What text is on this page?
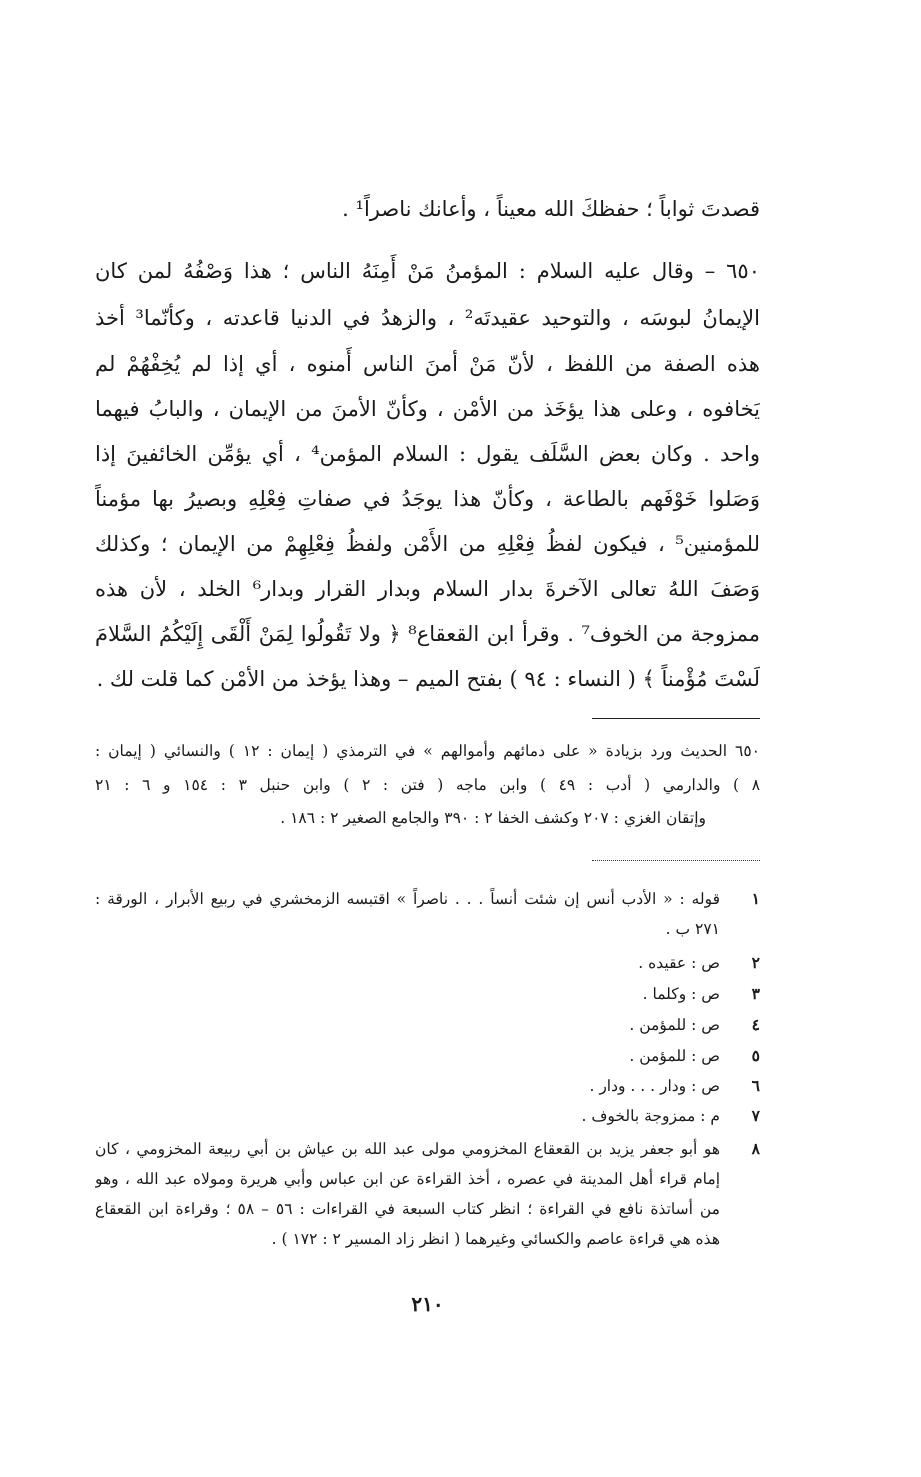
قصدتَ ثواباً ؛ حفظكَ الله معيناً ، وأعانك ناصراً¹ .
٦٥٠ – وقال عليه السلام : المؤمنُ مَنْ أَمِنَهُ الناس ؛ هذا وَصْفُهُ لمن كان
الإيمانُ لبوسَه ، والتوحيد عقيدتَه² ، والزهدُ في الدنيا قاعدته ، وكأنّما³ أخذ
هذه الصفة من اللفظ ، لأنّ مَنْ أمنَ الناس أَمنوه ، أي إذا لم يُخِفْهُمْ لم
يَخافوه ، وعلى هذا يؤخَذ من الأمْن ، وكأنّ الأمنَ من الإيمان ، والبابُ فيهما
واحد . وكان بعض السَّلَف يقول : السلام المؤمن⁴ ، أي يؤمِّن الخائفينَ إذا
وَصَلوا خَوْفَهم بالطاعة ، وكأنّ هذا يوجَدُ في صفاتِ فِعْلِهِ وبصيرُ بها مؤمناً
للمؤمنين⁵ ، فيكون لفظُ فِعْلِهِ من الأَمْن ولفظُ فِعْلِهِمْ من الإيمان ؛ وكذلك
وَصَفَ اللهُ تعالى الآخرةَ بدار السلام وبدار القرار وبدار⁶ الخلد ، لأن هذه
ممزوجة من الخوف⁷ . وقرأ ابن القعقاع⁸ ﴿ ولا تَقُولُوا لِمَنْ أَلْقَى إِلَيْكُمُ السَّلامَ
لَسْتَ مُؤْمناً ﴾ ( النساء : ٩٤ ) بفتح الميم – وهذا يؤخذ من الأمْن كما قلت لك .
٦٥٠ الحديث ورد بزيادة « على دمائهم وأموالهم » في الترمذي ( إيمان : ١٢ ) والنسائي ( إيمان :
٨ ) والدارمي ( أدب : ٤٩ ) وابن ماجه ( فتن : ٢ ) وابن حنبل ٣ : ١٥٤ و ٦ : ٢١
وإتقان الغزي : ٢٠٧ وكشف الخفا ٢ : ٣٩٠ والجامع الصغير ٢ : ١٨٦ .
١
قوله : « الأدب أنس إن شئت أنساً . . . ناصراً » اقتبسه الزمخشري في ربيع الأبرار ، الورقة :
٢٧١ ب .
٢
ص : عقيده .
٣
ص : وكلما .
٤
ص : للمؤمن .
٥
ص : للمؤمن .
٦
ص : ودار . . . ودار .
٧
م : ممزوجة بالخوف .
٨
هو أبو جعفر يزيد بن القعقاع المخزومي مولى عبد الله بن عياش بن أبي ربيعة المخزومي ، كان
إمام قراء أهل المدينة في عصره ، أخذ القراءة عن ابن عباس وأبي هريرة ومولاه عبد الله ، وهو
من أساتذة نافع في القراءة ؛ انظر كتاب السبعة في القراءات : ٥٦ – ٥٨ ؛ وقراءة ابن القعقاع
هذه هي قراءة عاصم والكسائي وغيرهما ( انظر زاد المسير ٢ : ١٧٢ ) .
٢١٠
